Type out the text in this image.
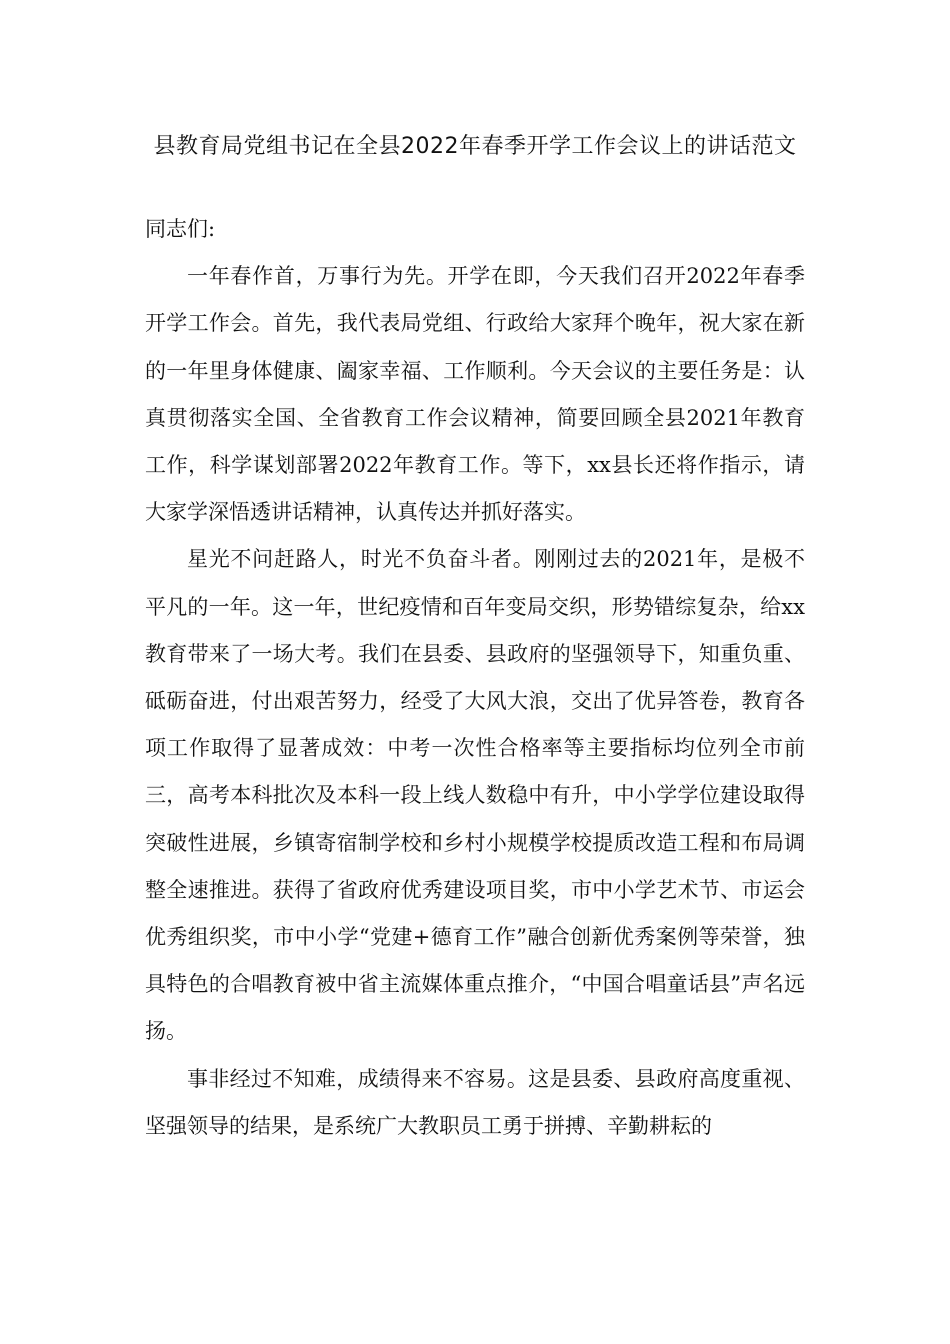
县教育局党组书记在全县2022年春季开学工作会议上的讲话范文

同志们:

一年春作首，万事行为先。开学在即，今天我们召开2022年春季开学工作会。首先，我代表局党组、行政给大家拜个晚年，祝大家在新的一年里身体健康、阖家幸福、工作顺利。今天会议的主要任务是：认真贯彻落实全国、全省教育工作会议精神，简要回顾全县2021年教育工作，科学谋划部署2022年教育工作。等下，xx县长还将作指示，请大家学深悟透讲话精神，认真传达并抓好落实。

星光不问赶路人，时光不负奋斗者。刚刚过去的2021年，是极不平凡的一年。这一年，世纪疫情和百年变局交织，形势错综复杂，给xx教育带来了一场大考。我们在县委、县政府的坚强领导下，知重负重、砥砺奋进，付出艰苦努力，经受了大风大浪，交出了优异答卷，教育各项工作取得了显著成效：中考一次性合格率等主要指标均位列全市前三，高考本科批次及本科一段上线人数稳中有升，中小学学位建设取得突破性进展，乡镇寄宿制学校和乡村小规模学校提质改造工程和布局调整全速推进。获得了省政府优秀建设项目奖，市中小学艺术节、市运会优秀组织奖，市中小学“党建+德育工作”融合创新优秀案例等荣誉，独具特色的合唱教育被中省主流媒体重点推介，“中国合唱童话县”声名远扬。

事非经过不知难，成绩得来不容易。这是县委、县政府高度重视、坚强领导的结果，是系统广大教职员工勇于拼搏、辛勤耕耘的
